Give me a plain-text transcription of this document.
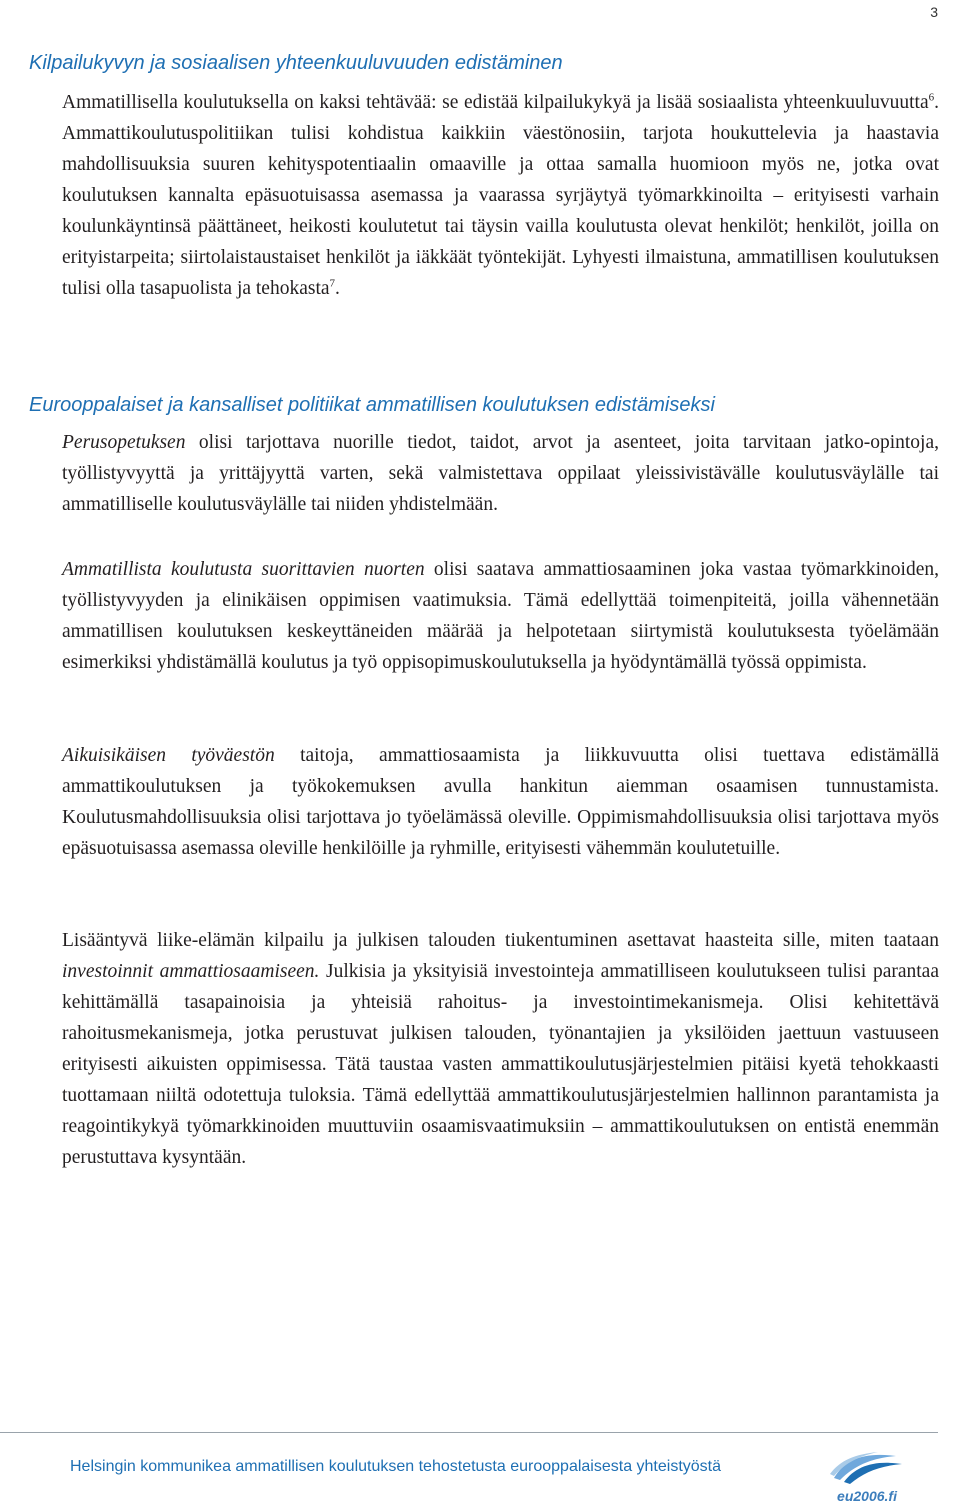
3
Kilpailukyvyn ja sosiaalisen yhteenkuuluvuuden edistäminen

Ammatillisella koulutuksella on kaksi tehtävää: se edistää kilpailukykyä ja lisää sosiaalista yhteenkuuluvuutta$^6$. Ammattikoulutuspolitiikan tulisi kohdistua kaikkiin väestönosiin, tarjota houkuttelevia ja haastavia mahdollisuuksia suuren kehityspotentiaalin omaaville ja ottaa samalla huomioon myös ne, jotka ovat koulutuksen kannalta epäsuotuisassa asemassa ja vaarassa syrjäytyä työmarkkinoilta – erityisesti varhain koulunkäyntinsä päättäneet, heikosti koulutetut tai täysin vailla koulutusta olevat henkilöt; henkilöt, joilla on erityistarpeita; siirtolaistaustaiset henkilöt ja iäkkäät työntekijät. Lyhyesti ilmaistuna, ammatillisen koulutuksen tulisi olla tasapuolista ja tehokasta$^7$.

Eurooppalaiset ja kansalliset politiikat ammatillisen koulutuksen edistämiseksi

Perusopetuksen olisi tarjottava nuorille tiedot, taidot, arvot ja asenteet, joita tarvitaan jatko-opintoja, työllistyvyyttä ja yrittäjyyttä varten, sekä valmistettava oppilaat yleissivistävälle koulutusväylälle tai ammatilliselle koulutusväylälle tai niiden yhdistelmään.

Ammatillista koulutusta suorittavien nuorten olisi saatava ammattiosaaminen joka vastaa työmarkkinoiden, työllistyvyyden ja elinikäisen oppimisen vaatimuksia. Tämä edellyttää toimenpiteitä, joilla vähennetään ammatillisen koulutuksen keskeyttäneiden määrää ja helpotetaan siirtymistä koulutuksesta työelämään esimerkiksi yhdistämällä koulutus ja työ oppisopimuskoulutuksella ja hyödyntämällä työssä oppimista.

Aikuisikäisen työväestön taitoja, ammattiosaamista ja liikkuvuutta olisi tuettava edistämällä ammattikoulutuksen ja työkokemuksen avulla hankitun aiemman osaamisen tunnustamista. Koulutusmahdollisuuksia olisi tarjottava jo työelämässä oleville. Oppimismahdollisuuksia olisi tarjottava myös epäsuotuisassa asemassa oleville henkilöille ja ryhmille, erityisesti vähemmän koulutetuille.

Lisääntyvä liike-elämän kilpailu ja julkisen talouden tiukentuminen asettavat haasteita sille, miten taataan investoinnit ammattiosaamiseen. Julkisia ja yksityisiä investointeja ammatilliseen koulutukseen tulisi parantaa kehittämällä tasapainoisia ja yhteisiä rahoitus- ja investointimekanismeja. Olisi kehitettävä rahoitusmekanismeja, jotka perustuvat julkisen talouden, työnantajien ja yksilöiden jaettuun vastuuseen erityisesti aikuisten oppimisessa. Tätä taustaa vasten ammattikoulutusjärjestelmien pitäisi kyetä tehokkaasti tuottamaan niiltä odotettuja tuloksia. Tämä edellyttää ammattikoulutusjärjestelmien hallinnon parantamista ja reagointikykyä työmarkkinoiden muuttuviin osaamisvaatimuksiin – ammattikoulutuksen on entistä enemmän perustuttava kysyntään.

Helsingin kommunikea ammatillisen koulutuksen tehostetusta eurooppalaisesta yhteistyöstä
eu2006.fi
